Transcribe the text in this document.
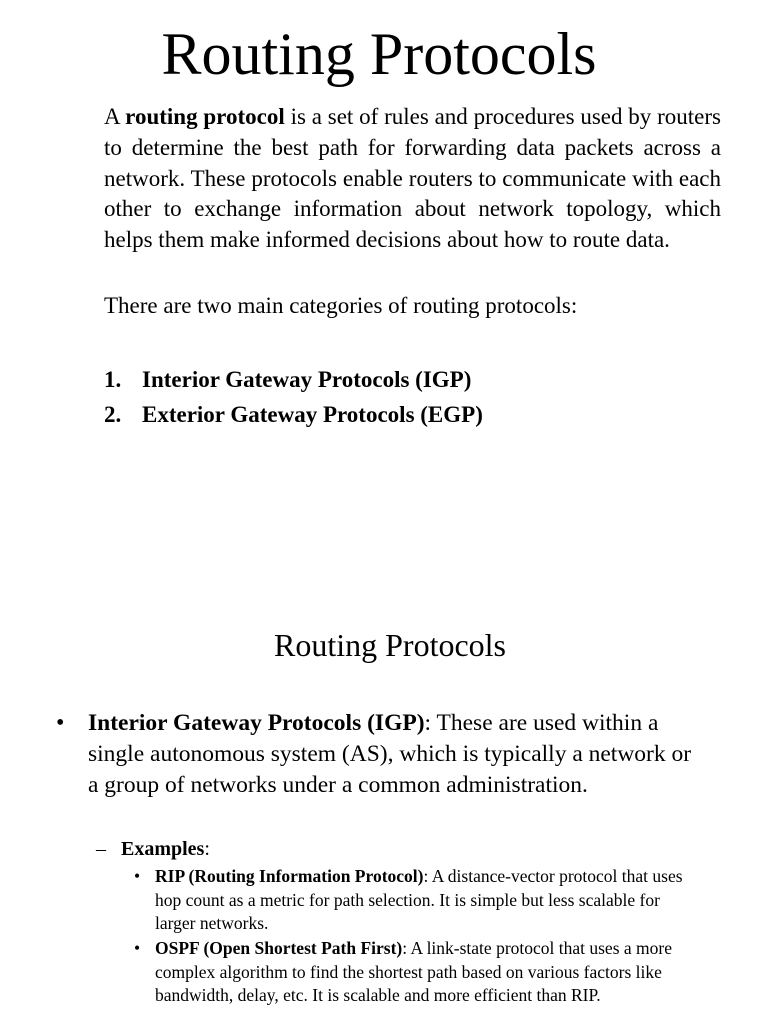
Routing Protocols

A routing protocol is a set of rules and procedures used by routers to determine the best path for forwarding data packets across a network. These protocols enable routers to communicate with each other to exchange information about network topology, which helps them make informed decisions about how to route data.

There are two main categories of routing protocols:

1. Interior Gateway Protocols (IGP)
2. Exterior Gateway Protocols (EGP)
Routing Protocols
•	Interior Gateway Protocols (IGP): These are used within a single autonomous system (AS), which is typically a network or a group of networks under a common administration.
– Examples:
• RIP (Routing Information Protocol): A distance-vector protocol that uses hop count as a metric for path selection. It is simple but less scalable for larger networks.
• OSPF (Open Shortest Path First): A link-state protocol that uses a more complex algorithm to find the shortest path based on various factors like bandwidth, delay, etc. It is scalable and more efficient than RIP.
